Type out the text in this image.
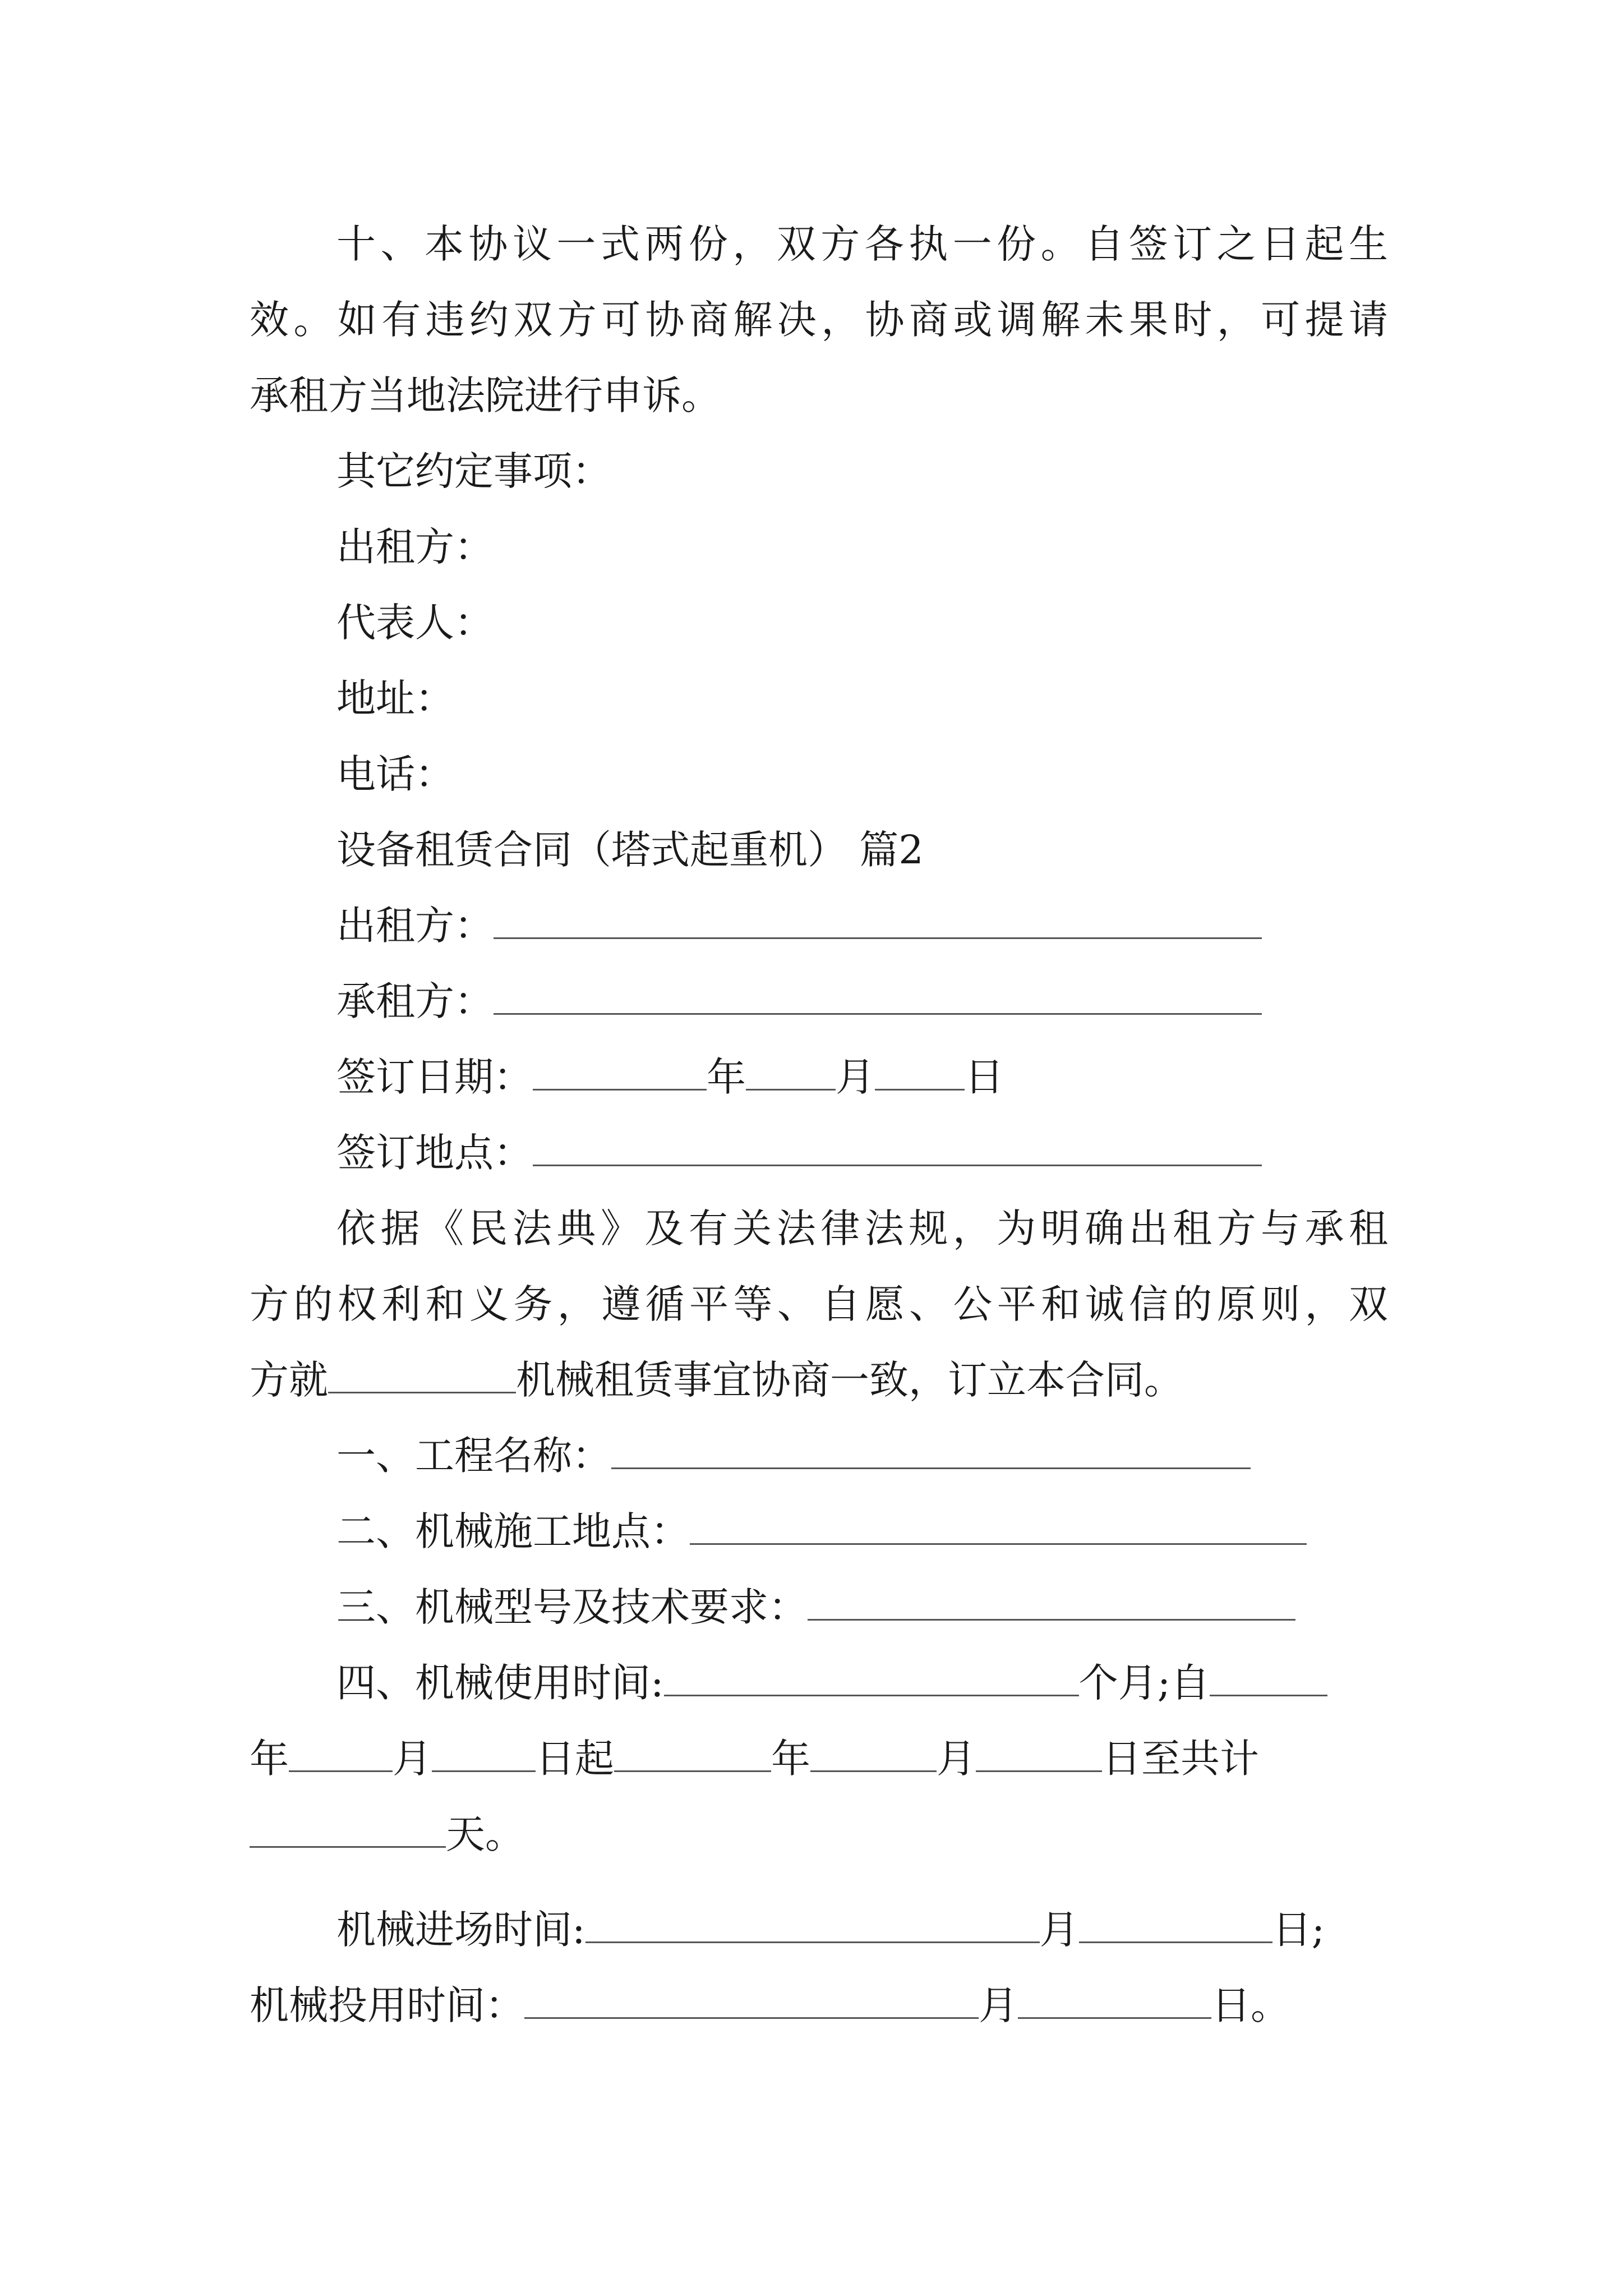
十、本协议一式两份，双方各执一份。自签订之日起生
效。如有违约双方可协商解决，协商或调解未果时，可提请
承租方当地法院进行申诉。
其它约定事项：
出租方：
代表人：
地址：
电话：
设备租赁合同（塔式起重机） 篇2
出租方：
承租方：
签订日期：	年 月 日
签订地点：
依据《民法典》及有关法律法规，为明确出租方与承租
方的权利和义务，遵循平等、自愿、公平和诚信的原则，双
方就	机械租赁事宜协商一致，订立本合同。
一、工程名称：
二、机械施工地点：
三、机械型号及技术要求：
四、机械使用时间:	个月;自
年	月	日起	年	月	日至共计
天。
机械进场时间:	月	日;
机械投用时间：	月	日。
